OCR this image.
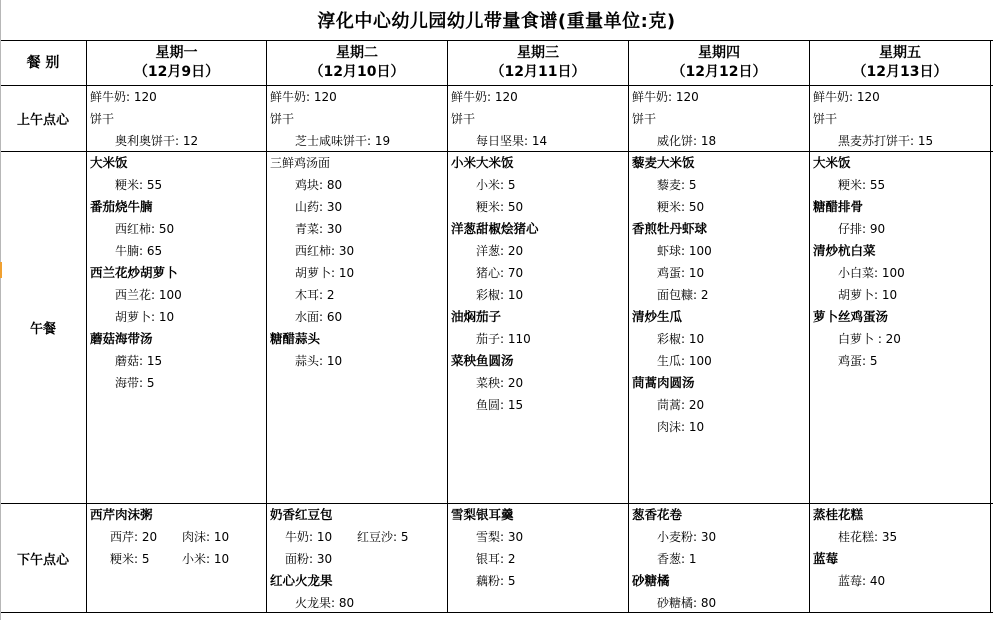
淳化中心幼儿园幼儿带量食谱(重量单位:克)
餐 别
星期一
（12月9日）
星期二
（12月10日）
星期三
（12月11日）
星期四
（12月12日）
星期五
（12月13日）
上午点心
午餐
下午点心
鲜牛奶: 120
饼干
奥利奥饼干: 12
鲜牛奶: 120
饼干
芝士咸味饼干: 19
鲜牛奶: 120
饼干
每日坚果: 14
鲜牛奶: 120
饼干
威化饼: 18
鲜牛奶: 120
饼干
黑麦苏打饼干: 15
大米饭
粳米: 55
番茄烧牛腩
西红柿: 50
牛腩: 65
西兰花炒胡萝卜
西兰花: 100
胡萝卜: 10
蘑菇海带汤
蘑菇: 15
海带: 5
三鲜鸡汤面
鸡块: 80
山药: 30
青菜: 30
西红柿: 30
胡萝卜: 10
木耳: 2
水面: 60
糖醋蒜头
蒜头: 10
小米大米饭
小米: 5
粳米: 50
洋葱甜椒烩猪心
洋葱: 20
猪心: 70
彩椒: 10
油焖茄子
茄子: 110
菜秧鱼圆汤
菜秧: 20
鱼圆: 15
藜麦大米饭
藜麦: 5
粳米: 50
香煎牡丹虾球
虾球: 100
鸡蛋: 10
面包糠: 2
清炒生瓜
彩椒: 10
生瓜: 100
茼蒿肉圆汤
茼蒿: 20
肉沫: 10
大米饭
粳米: 55
糖醋排骨
仔排: 90
清炒杭白菜
小白菜: 100
胡萝卜: 10
萝卜丝鸡蛋汤
白萝卜 : 20
鸡蛋: 5
西芹肉沫粥
西芹: 20 肉沫: 10
粳米: 5	小米: 10
奶香红豆包
牛奶: 10 红豆沙: 5
面粉: 30
红心火龙果
火龙果: 80
雪梨银耳羹
雪梨: 30
银耳: 2
藕粉: 5
葱香花卷
小麦粉: 30
香葱: 1
砂糖橘
砂糖橘: 80
蒸桂花糕
桂花糕: 35
蓝莓
蓝莓: 40
